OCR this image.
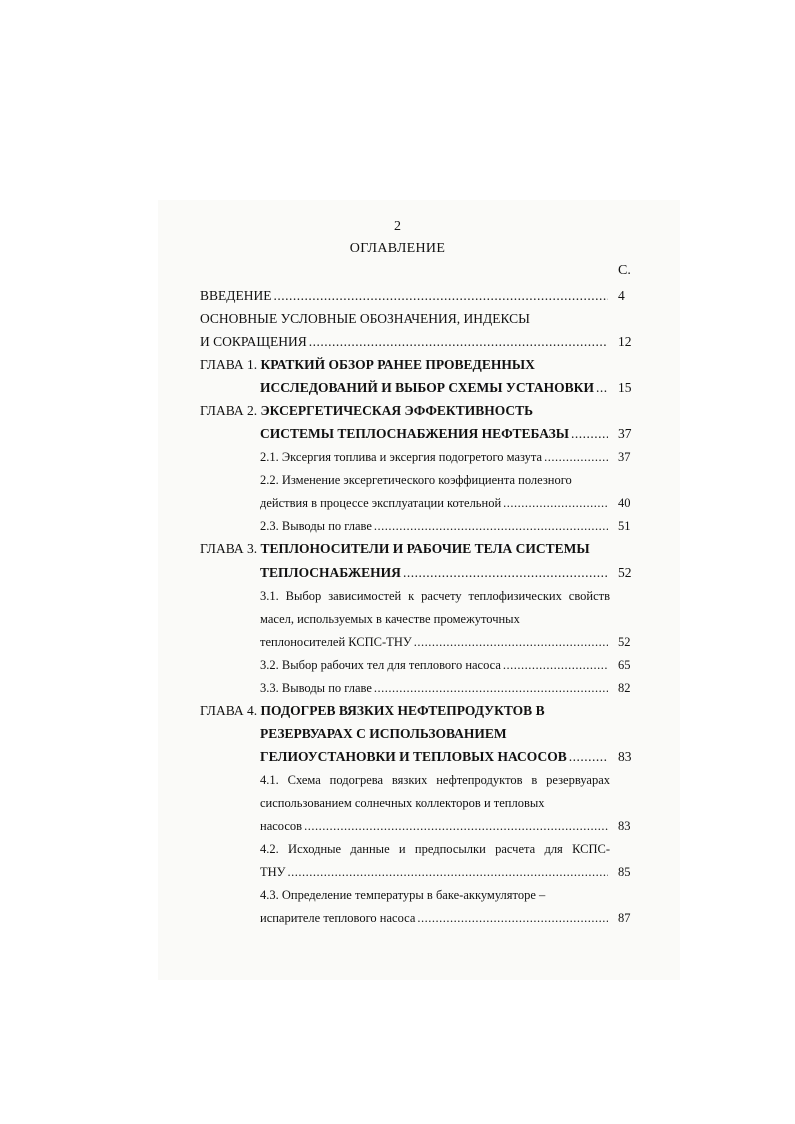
2
ОГЛАВЛЕНИЕ
С.
ВВЕДЕНИЕ .....	4
ОСНОВНЫЕ УСЛОВНЫЕ ОБОЗНАЧЕНИЯ, ИНДЕКСЫ
И СОКРАЩЕНИЯ .....	12
ГЛАВА 1. КРАТКИЙ ОБЗОР РАНЕЕ ПРОВЕДЕННЫХ
ИССЛЕДОВАНИЙ И ВЫБОР СХЕМЫ УСТАНОВКИ ..... 15
ГЛАВА 2. ЭКСЕРГЕТИЧЕСКАЯ ЭФФЕКТИВНОСТЬ
СИСТЕМЫ ТЕПЛОСНАБЖЕНИЯ НЕФТЕБАЗЫ .....	37
2.1. Эксергия топлива и эксергия подогретого мазута .....	37
2.2. Изменение эксергетического коэффициента полезного
действия в процессе эксплуатации котельной .....	40
2.3. Выводы по главе .....	51
ГЛАВА 3. ТЕПЛОНОСИТЕЛИ И РАБОЧИЕ ТЕЛА СИСТЕМЫ
ТЕПЛОСНАБЖЕНИЯ .....	52
3.1. Выбор зависимостей к расчету теплофизических свойств
масел, используемых в качестве промежуточных
теплоносителей КСПС-ТНУ .....	52
3.2. Выбор рабочих тел для теплового насоса .....	65
3.3. Выводы по главе .....	82
ГЛАВА 4. ПОДОГРЕВ ВЯЗКИХ НЕФТЕПРОДУКТОВ В
РЕЗЕРВУАРАХ С ИСПОЛЬЗОВАНИЕМ
ГЕЛИОУСТАНОВКИ И ТЕПЛОВЫХ НАСОСОВ .....	83
4.1. Схема подогрева вязких нефтепродуктов в резервуарах
сиспользованием солнечных коллекторов и тепловых
насосов .....	83
4.2. Исходные данные и предпосылки расчета для КСПС-
ТНУ .....	85
4.3. Определение температуры в баке-аккумуляторе –
испарителе теплового насоса .....	87
